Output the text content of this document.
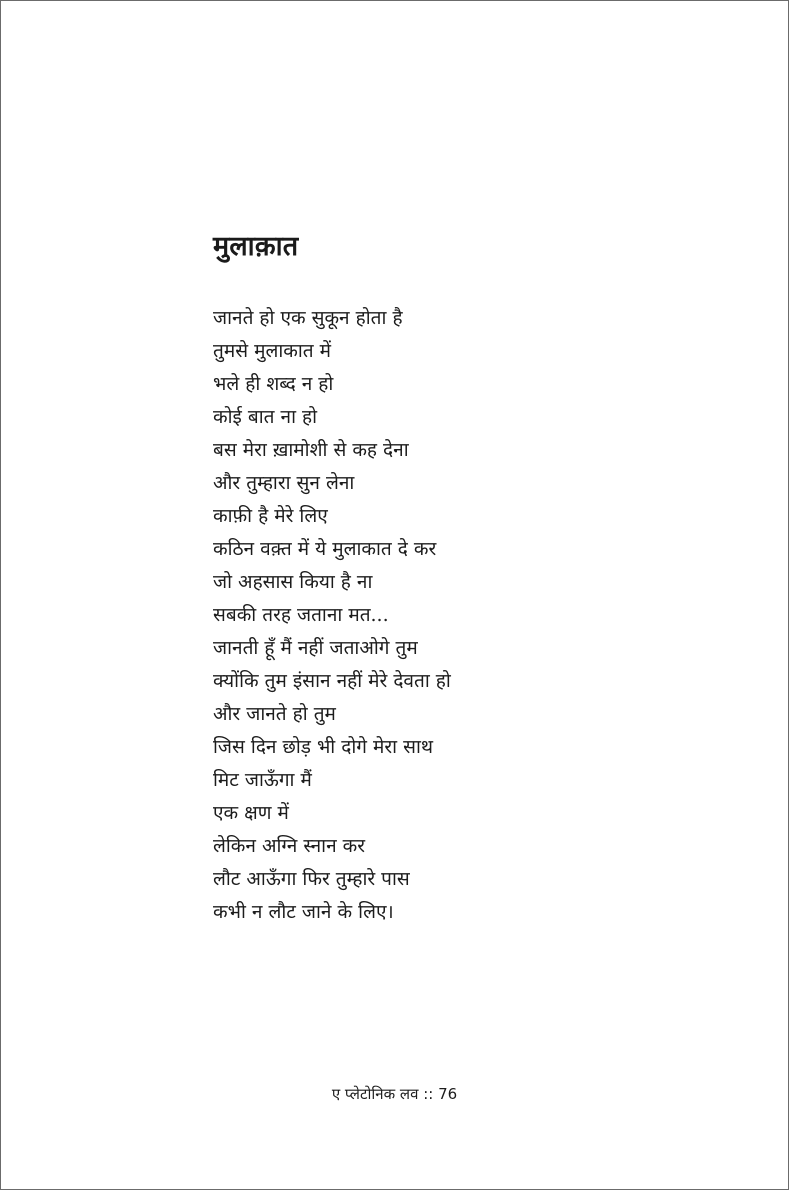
मुलाक़ात
जानते हो एक सुकून होता है
तुमसे मुलाकात में
भले ही शब्द न हो
कोई बात ना हो
बस मेरा ख़ामोशी से कह देना
और तुम्हारा सुन लेना
काफ़ी है मेरे लिए
कठिन वक़्त में ये मुलाकात दे कर
जो अहसास किया है ना
सबकी तरह जताना मत...
जानती हूँ मैं नहीं जताओगे तुम
क्योंकि तुम इंसान नहीं मेरे देवता हो
और जानते हो तुम
जिस दिन छोड़ भी दोगे मेरा साथ
मिट जाऊँगा मैं
एक क्षण में
लेकिन अग्नि स्नान कर
लौट आऊँगा फिर तुम्हारे पास
कभी न लौट जाने के लिए।
ए प्लेटोनिक लव :: 76
